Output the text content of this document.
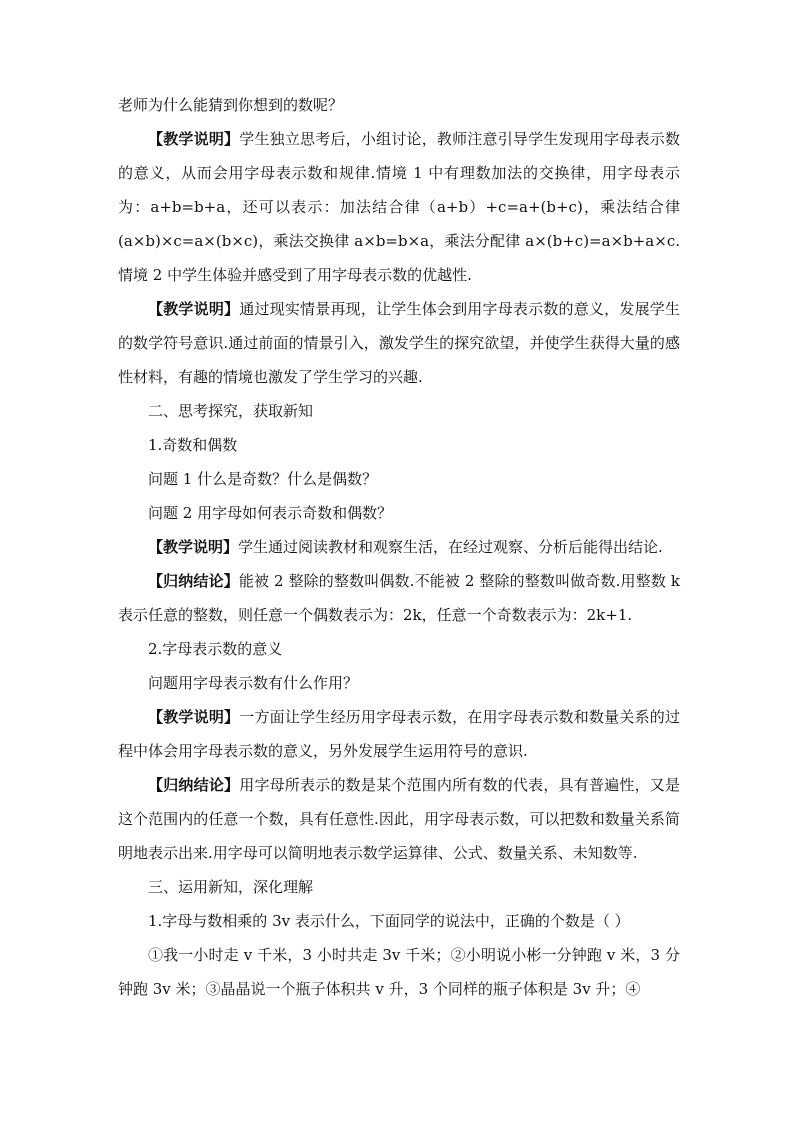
老师为什么能猜到你想到的数呢？

【教学说明】学生独立思考后，小组讨论，教师注意引导学生发现用字母表示数的意义，从而会用字母表示数和规律.情境 1 中有理数加法的交换律，用字母表示为：a+b=b+a，还可以表示：加法结合律（a+b）+c=a+(b+c)，乘法结合律(a×b)×c=a×(b×c)，乘法交换律 a×b=b×a，乘法分配律 a×(b+c)=a×b+a×c.情境 2 中学生体验并感受到了用字母表示数的优越性.

【教学说明】通过现实情景再现，让学生体会到用字母表示数的意义，发展学生的数学符号意识.通过前面的情景引入，激发学生的探究欲望，并使学生获得大量的感性材料，有趣的情境也激发了学生学习的兴趣.

二、思考探究，获取新知

1.奇数和偶数

问题 1 什么是奇数？什么是偶数？

问题 2 用字母如何表示奇数和偶数？

【教学说明】学生通过阅读教材和观察生活，在经过观察、分析后能得出结论.

【归纳结论】能被 2 整除的整数叫偶数.不能被 2 整除的整数叫做奇数.用整数 k 表示任意的整数，则任意一个偶数表示为：2k，任意一个奇数表示为：2k+1.

2.字母表示数的意义

问题用字母表示数有什么作用？

【教学说明】一方面让学生经历用字母表示数，在用字母表示数和数量关系的过程中体会用字母表示数的意义，另外发展学生运用符号的意识.

【归纳结论】用字母所表示的数是某个范围内所有数的代表，具有普遍性，又是这个范围内的任意一个数，具有任意性.因此，用字母表示数，可以把数和数量关系简明地表示出来.用字母可以简明地表示数学运算律、公式、数量关系、未知数等.

三、运用新知，深化理解

1.字母与数相乘的 3v 表示什么，下面同学的说法中，正确的个数是（ ）

①我一小时走 v 千米，3 小时共走 3v 千米；②小明说小彬一分钟跑 v 米，3 分钟跑 3v 米；③晶晶说一个瓶子体积共 v 升，3 个同样的瓶子体积是 3v 升；④
